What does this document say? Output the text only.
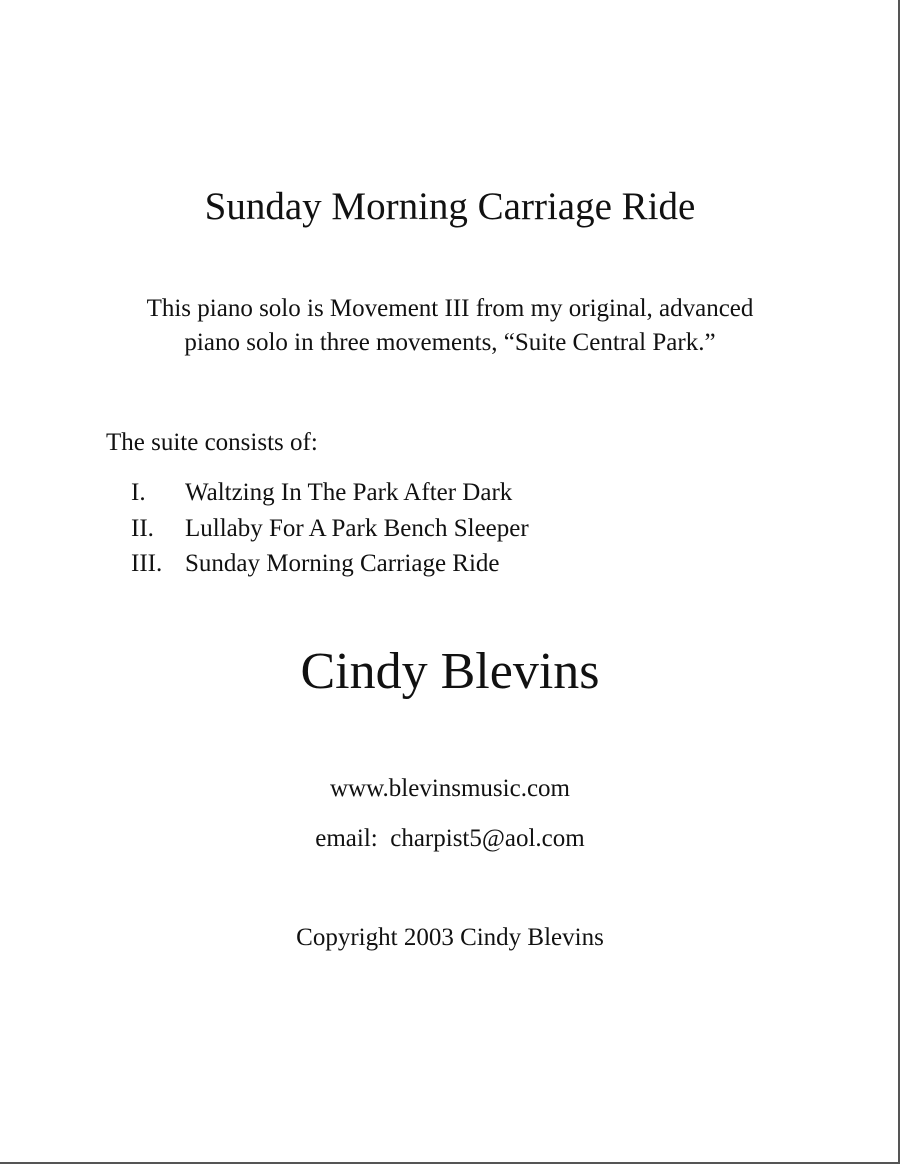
Sunday Morning Carriage Ride
This piano solo is Movement III from my original, advanced
piano solo in three movements, “Suite Central Park.”
The suite consists of:
I. Waltzing In The Park After Dark
II. Lullaby For A Park Bench Sleeper
III. Sunday Morning Carriage Ride
Cindy Blevins
www.blevinsmusic.com
email:  charpist5@aol.com
Copyright 2003 Cindy Blevins
